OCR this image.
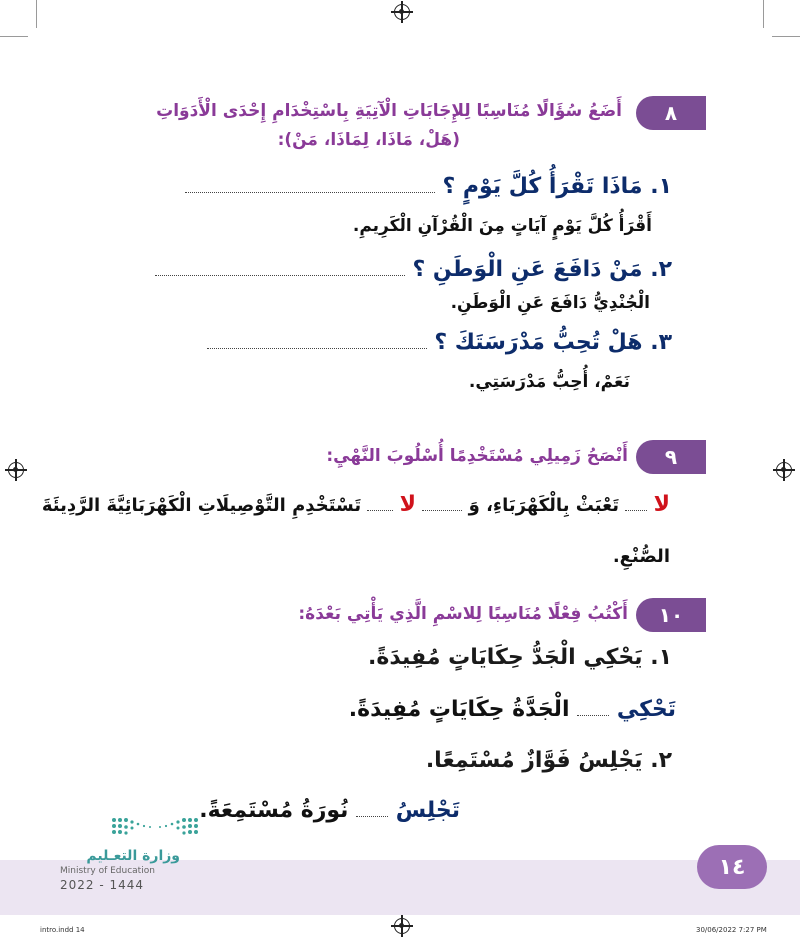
٨
أَضَعُ سُؤَالًا مُنَاسِبًا لِلإِجَابَاتِ الْآتِيَةِ بِاسْتِخْدَامِ إِحْدَى الْأَدَوَاتِ
(هَلْ، مَاذَا، لِمَاذَا، مَنْ):
١. مَاذَا تَقْرَأُ كُلَّ يَوْمٍ ؟
أَقْرَأُ كُلَّ يَوْمٍ آيَاتٍ مِنَ الْقُرْآنِ الْكَرِيمِ.
٢. مَنْ دَافَعَ عَنِ الْوَطَنِ ؟
الْجُنْدِيُّ دَافَعَ عَنِ الْوَطَنِ.
٣. هَلْ تُحِبُّ مَدْرَسَتَكَ ؟
نَعَمْ، أُحِبُّ مَدْرَسَتِي.
٩
أَنْصَحُ زَمِيلِي مُسْتَخْدِمًا أُسْلُوبَ النَّهْيِ:
لا  تَعْبَثْ بِالْكَهْرَبَاءِ، وَ  لا  تَسْتَخْدِمِ التَّوْصِيلَاتِ الْكَهْرَبَائِيَّةَ الرَّدِيئَةَ
الصُّنْعِ.
١٠
أَكْتُبُ فِعْلًا مُنَاسِبًا لِلاسْمِ الَّذِي يَأْتِي بَعْدَهُ:
١. يَحْكِي الْجَدُّ حِكَايَاتٍ مُفِيدَةً.
تَحْكِي  الْجَدَّةُ حِكَايَاتٍ مُفِيدَةً.
٢. يَجْلِسُ فَوَّازٌ مُسْتَمِعًا.
تَجْلِسُ  نُورَةُ مُسْتَمِعَةً.
١٤
وزارة التعـليم
Ministry of Education
2022 - 1444
intro.indd 14	30/06/2022 7:27 PM
